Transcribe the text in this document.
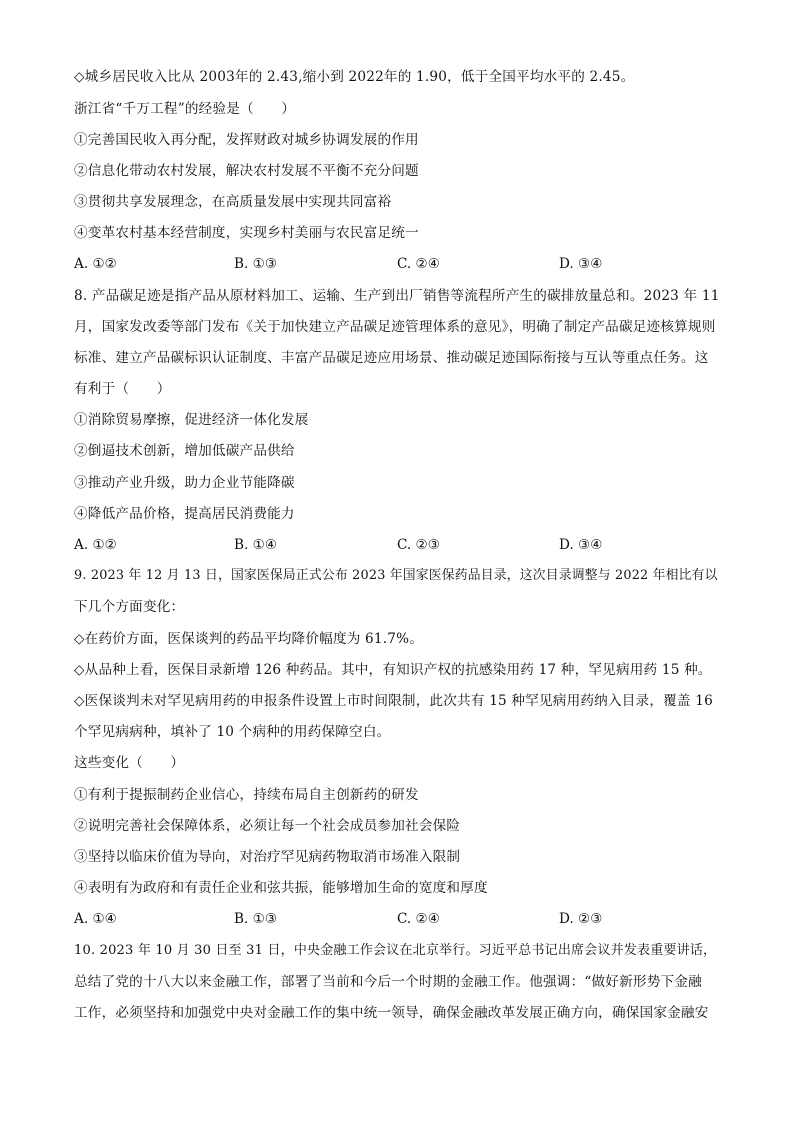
◇城乡居民收入比从 2003年的 2.43,缩小到 2022年的 1.90，低于全国平均水平的 2.45。
浙江省“千万工程”的经验是（　　）
①完善国民收入再分配，发挥财政对城乡协调发展的作用
②信息化带动农村发展，解决农村发展不平衡不充分问题
③贯彻共享发展理念，在高质量发展中实现共同富裕
④变革农村基本经营制度，实现乡村美丽与农民富足统一
A. ①②	B. ①③	C. ②④	D. ③④
8. 产品碳足迹是指产品从原材料加工、运输、生产到出厂销售等流程所产生的碳排放量总和。2023 年 11
月，国家发改委等部门发布《关于加快建立产品碳足迹管理体系的意见》，明确了制定产品碳足迹核算规则
标准、建立产品碳标识认证制度、丰富产品碳足迹应用场景、推动碳足迹国际衔接与互认等重点任务。这
有利于（　　）
①消除贸易摩擦，促进经济一体化发展
②倒逼技术创新，增加低碳产品供给
③推动产业升级，助力企业节能降碳
④降低产品价格，提高居民消费能力
A. ①②	B. ①④	C. ②③	D. ③④
9. 2023 年 12 月 13 日，国家医保局正式公布 2023 年国家医保药品目录，这次目录调整与 2022 年相比有以
下几个方面变化：
◇在药价方面，医保谈判的药品平均降价幅度为 61.7%。
◇从品种上看，医保目录新增 126 种药品。其中，有知识产权的抗感染用药 17 种，罕见病用药 15 种。
◇医保谈判未对罕见病用药的申报条件设置上市时间限制，此次共有 15 种罕见病用药纳入目录，覆盖 16
个罕见病病种，填补了 10 个病种的用药保障空白。
这些变化（　　）
①有利于提振制药企业信心，持续布局自主创新药的研发
②说明完善社会保障体系，必须让每一个社会成员参加社会保险
③坚持以临床价值为导向，对治疗罕见病药物取消市场准入限制
④表明有为政府和有责任企业和弦共振，能够增加生命的宽度和厚度
A. ①④	B. ①③	C. ②④	D. ②③
10. 2023 年 10 月 30 日至 31 日，中央金融工作会议在北京举行。习近平总书记出席会议并发表重要讲话，
总结了党的十八大以来金融工作，部署了当前和今后一个时期的金融工作。他强调：“做好新形势下金融
工作，必须坚持和加强党中央对金融工作的集中统一领导，确保金融改革发展正确方向，确保国家金融安
